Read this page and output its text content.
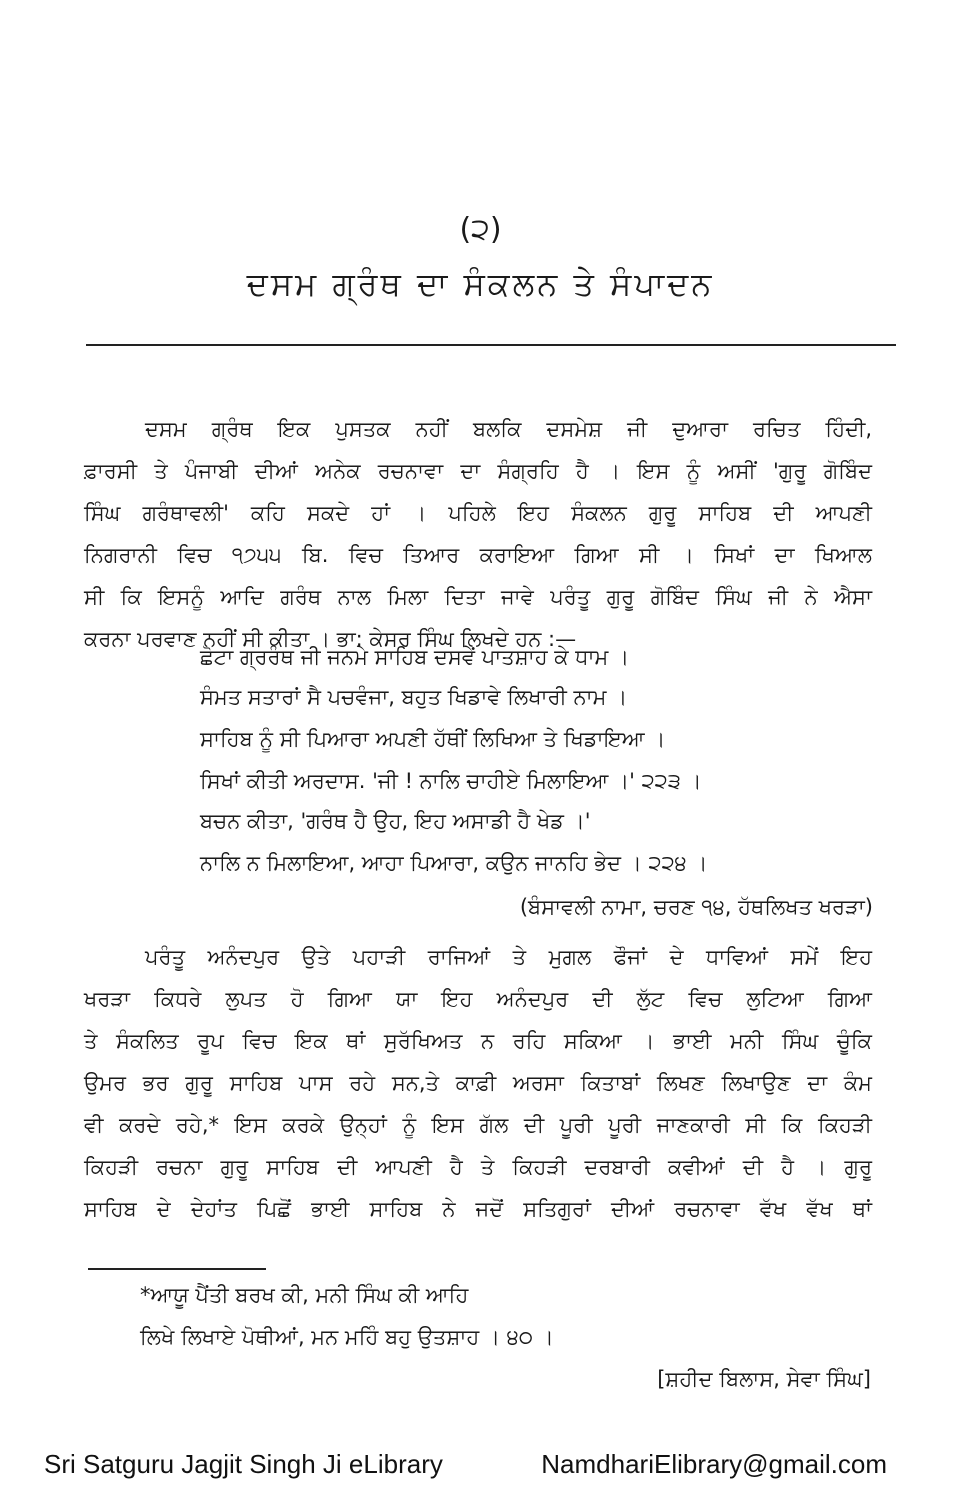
(੨)
ਦਸਮ ਗ੍ਰੰਥ ਦਾ ਸੰਕਲਨ ਤੇ ਸੰਪਾਦਨ
ਦਸਮ ਗ੍ਰੰਥ ਇਕ ਪੁਸਤਕ ਨਹੀਂ ਬਲਕਿ ਦਸਮੇਸ਼ ਜੀ ਦੁਆਰਾ ਰਚਿਤ ਹਿੰਦੀ,
ਫ਼ਾਰਸੀ ਤੇ ਪੰਜਾਬੀ ਦੀਆਂ ਅਨੇਕ ਰਚਨਾਵਾ ਦਾ ਸੰਗ੍ਰਹਿ ਹੈ । ਇਸ ਨੂੰ ਅਸੀਂ 'ਗੁਰੂ ਗੋਬਿੰਦ
ਸਿੰਘ ਗਰੰਥਾਵਲੀ' ਕਹਿ ਸਕਦੇ ਹਾਂ । ਪਹਿਲੇ ਇਹ ਸੰਕਲਨ ਗੁਰੂ ਸਾਹਿਬ ਦੀ ਆਪਣੀ
ਨਿਗਰਾਨੀ ਵਿਚ ੧੭੫੫ ਬਿ. ਵਿਚ ਤਿਆਰ ਕਰਾਇਆ ਗਿਆ ਸੀ । ਸਿਖਾਂ ਦਾ ਖਿਆਲ
ਸੀ ਕਿ ਇਸਨੂੰ ਆਦਿ ਗਰੰਥ ਨਾਲ ਮਿਲਾ ਦਿਤਾ ਜਾਵੇ ਪਰੰਤੂ ਗੁਰੂ ਗੋਬਿੰਦ ਸਿੰਘ ਜੀ ਨੇ ਐਸਾ
ਕਰਨਾ ਪਰਵਾਣ ਨਹੀਂ ਸੀ ਕੀਤਾ । ਭਾ: ਕੇਸਰ ਸਿੰਘ ਲਿਖਦੇ ਹਨ :—
ਛੋਟਾ ਗ੍ਰਰੰਥ ਜੀ ਜਨਮੇ ਸਾਹਿਬ ਦਸਵੇਂ ਪਾਤਸ਼ਾਹ ਕੇ ਧਾਮ ।
ਸੰਮਤ ਸਤਾਰਾਂ ਸੈ ਪਚਵੰਜਾ, ਬਹੁਤ ਖਿਡਾਵੇ ਲਿਖਾਰੀ ਨਾਮ ।
ਸਾਹਿਬ ਨੂੰ ਸੀ ਪਿਆਰਾ ਅਪਣੀ ਹੱਥੀਂ ਲਿਖਿਆ ਤੇ ਖਿਡਾਇਆ ।
ਸਿਖਾਂ ਕੀਤੀ ਅਰਦਾਸ. 'ਜੀ ! ਨਾਲਿ ਚਾਹੀਏ ਮਿਲਾਇਆ ।' ੨੨੩ ।
ਬਚਨ ਕੀਤਾ, 'ਗਰੰਥ ਹੈ ਉਹ, ਇਹ ਅਸਾਡੀ ਹੈ ਖੇਡ ।'
ਨਾਲਿ ਨ ਮਿਲਾਇਆ, ਆਹਾ ਪਿਆਰਾ, ਕਉਨ ਜਾਨਹਿ ਭੇਦ । ੨੨੪ ।
(ਬੰਸਾਵਲੀ ਨਾਮਾ, ਚਰਣ ੧੪, ਹੱਥਲਿਖਤ ਖਰੜਾ)
ਪਰੰਤੂ ਅਨੰਦਪੁਰ ਉਤੇ ਪਹਾੜੀ ਰਾਜਿਆਂ ਤੇ ਮੁਗਲ ਫੌਜਾਂ ਦੇ ਧਾਵਿਆਂ ਸਮੇਂ ਇਹ
ਖਰੜਾ ਕਿਧਰੇ ਲੁਪਤ ਹੋ ਗਿਆ ਯਾ ਇਹ ਅਨੰਦਪੁਰ ਦੀ ਲੁੱਟ ਵਿਚ ਲੁਟਿਆ ਗਿਆ
ਤੇ ਸੰਕਲਿਤ ਰੂਪ ਵਿਚ ਇਕ ਥਾਂ ਸੁਰੱਖਿਅਤ ਨ ਰਹਿ ਸਕਿਆ । ਭਾਈ ਮਨੀ ਸਿੰਘ ਚੂੰਕਿ
ਉਮਰ ਭਰ ਗੁਰੂ ਸਾਹਿਬ ਪਾਸ ਰਹੇ ਸਨ,ਤੇ ਕਾਫ਼ੀ ਅਰਸਾ ਕਿਤਾਬਾਂ ਲਿਖਣ ਲਿਖਾਉਣ ਦਾ ਕੰਮ
ਵੀ ਕਰਦੇ ਰਹੇ,* ਇਸ ਕਰਕੇ ਉਨ੍ਹਾਂ ਨੂੰ ਇਸ ਗੱਲ ਦੀ ਪੂਰੀ ਪੂਰੀ ਜਾਣਕਾਰੀ ਸੀ ਕਿ ਕਿਹੜੀ
ਕਿਹੜੀ ਰਚਨਾ ਗੁਰੂ ਸਾਹਿਬ ਦੀ ਆਪਣੀ ਹੈ ਤੇ ਕਿਹੜੀ ਦਰਬਾਰੀ ਕਵੀਆਂ ਦੀ ਹੈ । ਗੁਰੂ
ਸਾਹਿਬ ਦੇ ਦੇਹਾਂਤ ਪਿਛੋਂ ਭਾਈ ਸਾਹਿਬ ਨੇ ਜਦੋਂ ਸਤਿਗੁਰਾਂ ਦੀਆਂ ਰਚਨਾਵਾ ਵੱਖ ਵੱਖ ਥਾਂ
*ਆਯੂ ਪੈਂਤੀ ਬਰਖ ਕੀ, ਮਨੀ ਸਿੰਘ ਕੀ ਆਹਿ
ਲਿਖੇ ਲਿਖਾਏ ਪੋਥੀਆਂ, ਮਨ ਮਹਿੰ ਬਹੁ ਉਤਸ਼ਾਹ । ੪੦ ।
[ਸ਼ਹੀਦ ਬਿਲਾਸ, ਸੇਵਾ ਸਿੰਘ]
Sri Satguru Jagjit Singh Ji eLibrary	NamdhariElibrary@gmail.com
